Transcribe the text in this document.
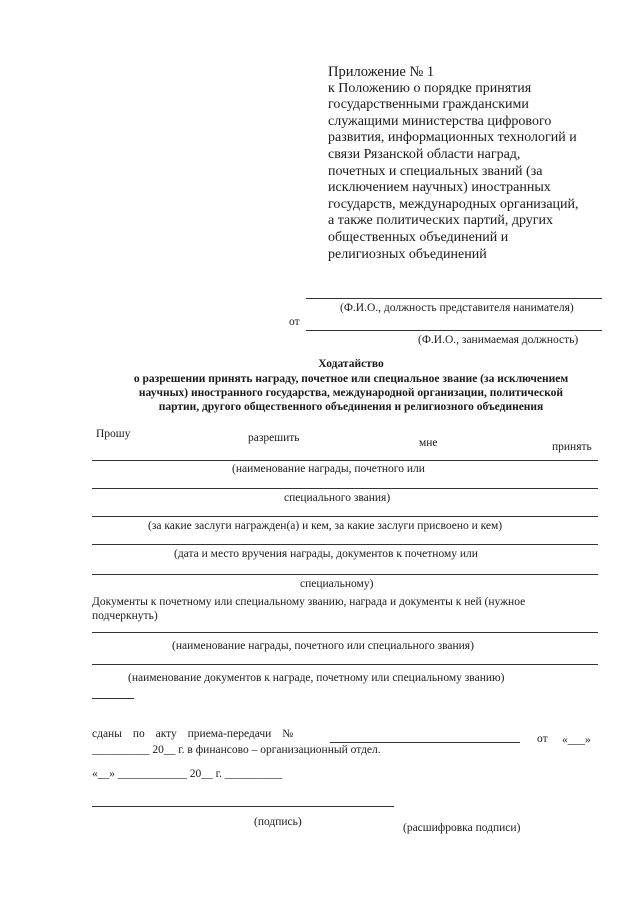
Приложение № 1
к Положению о порядке принятия
государственными гражданскими
служащими министерства цифрового
развития, информационных технологий и
связи Рязанской области наград,
почетных и специальных званий (за
исключением научных) иностранных
государств, международных организаций,
а также политических партий, других
общественных объединений и
религиозных объединений
(Ф.И.О., должность представителя нанимателя)
от
(Ф.И.О., занимаемая должность)
Ходатайство
о разрешении принять награду, почетное или специальное звание (за исключением
научных) иностранного государства, международной организации, политической
партии, другого общественного объединения и религиозного объединения
Прошу	разрешить	мне	принять
(наименование награды, почетного или
специального звания)
(за какие заслуги награжден(а) и кем, за какие заслуги присвоено и кем)
(дата и место вручения награды, документов к почетному или
специальному)
Документы к почетному или специальному званию, награда и документы к ней (нужное
подчеркнуть)
(наименование награды, почетного или специального звания)
(наименование документов к награде, почетному или специальному званию)
сданы по акту приема-передачи №	от «___»
__________ 20__ г. в финансово – организационный отдел.
«__» ____________ 20__ г. __________
(подпись)	(расшифровка подписи)
